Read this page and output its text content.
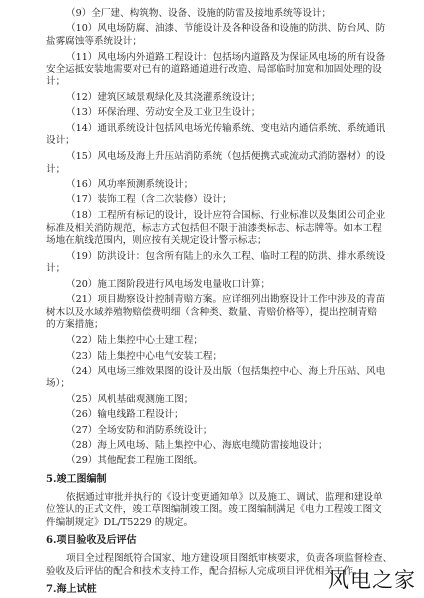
（9）全厂建、构筑物、设备、设施的防雷及接地系统等设计；
（10）风电场防腐、油漆、节能设计及各种设备和设施的防洪、防台风、防
盐雾腐蚀等系统设计；
（11）风电场内外道路工程设计：包括场内道路及为保证风电场的所有设备
安全运抵安装地需要对已有的道路通道进行改造、局部临时加宽和加固处理的设
计；
（12）建筑区域景观绿化及其浇灌系统设计；
（13）环保治理、劳动安全及工业卫生设计；
（14）通讯系统设计包括风电场光传输系统、变电站内通信系统、系统通讯
设计；
（15）风电场及海上升压站消防系统（包括便携式或流动式消防器材）的设
计；
（16）风功率预测系统设计；
（17）装饰工程（含二次装修）设计；
（18）工程所有标记的设计，设计应符合国标、行业标准以及集团公司企业
标准及相关消防规范，标志方式包括但不限于油漆类标志、标志牌等。如本工程
场地在航线范围内，则应按有关规定设计警示标志；
（19）防洪设计：包含所有陆上的永久工程、临时工程的防洪、排水系统设
计；
（20）施工图阶段进行风电场发电量收口计算；
（21）项目勘察设计控制青赔方案。应详细列出勘察设计工作中涉及的青苗
树木以及水域养殖物赔偿费明细（含种类、数量、青赔价格等），提出控制青赔
的方案措施；
（22）陆上集控中心土建工程；
（23）陆上集控中心电气安装工程；
（24）风电场三维效果图的设计及出版（包括集控中心、海上升压站、风电
场）；
（25）风机基础观测施工图；
（26）输电线路工程设计；
（27）全场安防和消防系统设计；
（28）海上风电场、陆上集控中心、海底电缆防雷接地设计；
（29）其他配套工程施工图纸。
5.竣工图编制
依据通过审批并执行的《设计变更通知单》以及施工、调试、监理和建设单
位签认的正式文件，竣工草图编制竣工图。竣工图编制满足《电力工程竣工图文
件编制规定》DL/T5229 的规定。
6.项目验收及后评估
项目全过程图纸符合国家、地方建设项目图纸审核要求，负责各项监督检查、
验收及后评估的配合和技术支持工作，配合招标人完成项目评优相关工作。
7.海上试桩	风电之家
